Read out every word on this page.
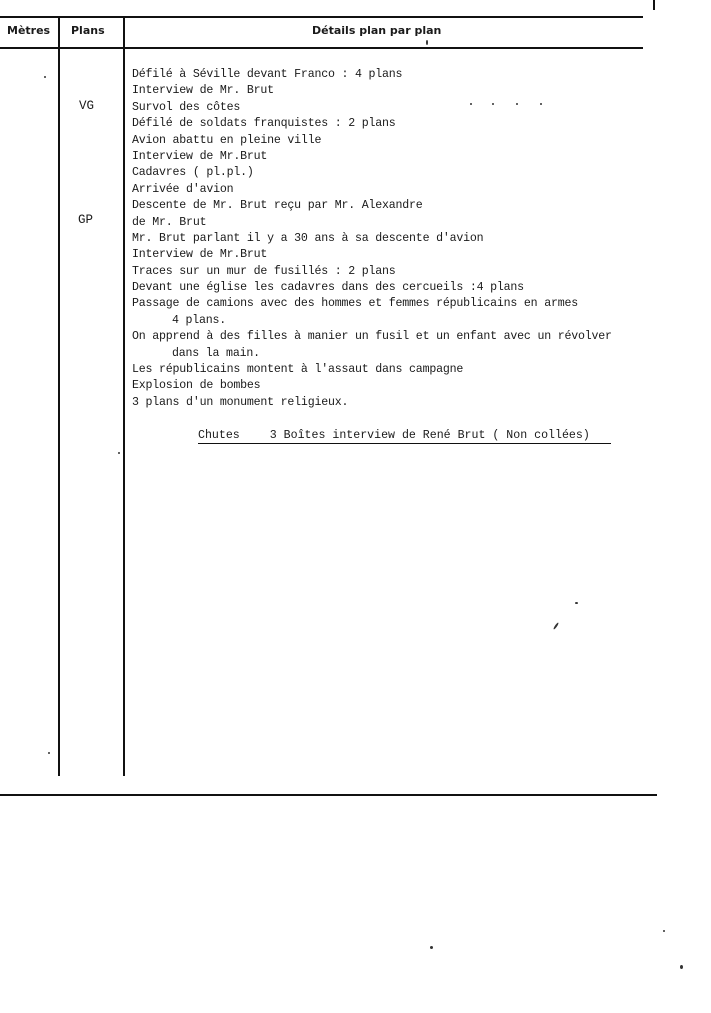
Mètres Plans	Détails plan par plan
VG
GP
Défilé à Séville devant Franco : 4 plans
Interview de Mr. Brut
Survol des côtes
Défilé de soldats franquistes : 2 plans
Avion abattu en pleine ville
Interview de Mr.Brut
Cadavres ( pl.pl.)
Arrivée d'avion
Descente de Mr. Brut reçu par Mr. Alexandre
de Mr. Brut
Mr. Brut parlant il y a 30 ans à sa descente d'avion
Interview de Mr.Brut
Traces sur un mur de fusillés : 2 plans
Devant une église les cadavres dans des cercueils :4 plans
Passage de camions avec des hommes et femmes républicains en armes
4 plans.
On apprend à des filles à manier un fusil et un enfant avec un révolver
dans la main.
Les républicains montent à l'assaut dans campagne
Explosion de bombes
3 plans d'un monument religieux.
Chutes	3 Boîtes interview de René Brut ( Non collées)
